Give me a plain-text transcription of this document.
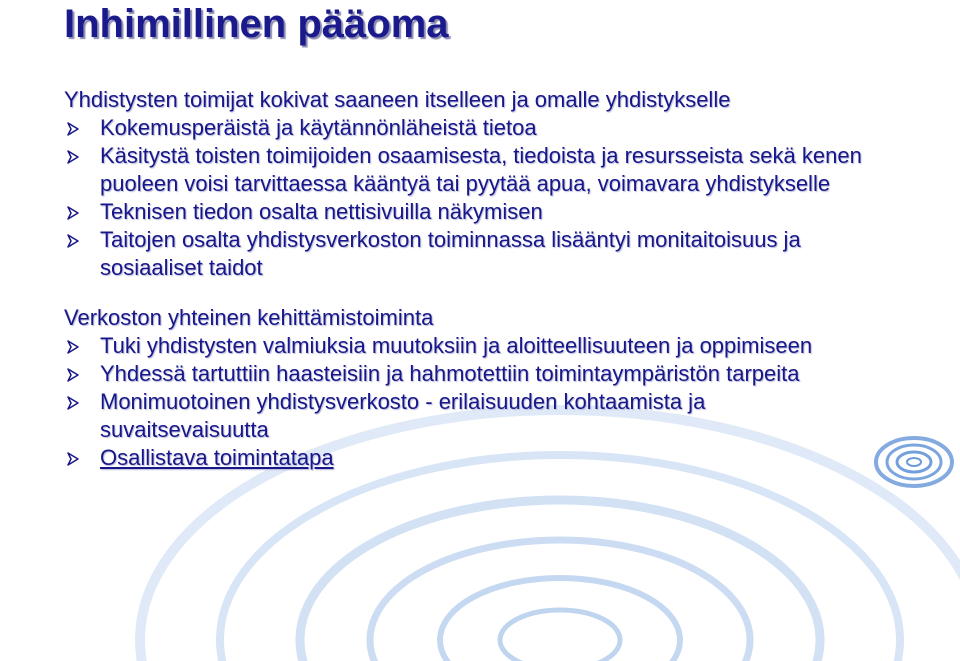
Inhimillinen pääoma

Yhdistysten toimijat kokivat saaneen itselleen ja omalle yhdistykselle

Kokemusperäistä ja käytännönläheistä tietoa
Käsitystä toisten toimijoiden osaamisesta, tiedoista ja resursseista sekä kenen puoleen voisi tarvittaessa kääntyä tai pyytää apua, voimavara yhdistykselle
Teknisen tiedon osalta nettisivuilla näkymisen
Taitojen osalta yhdistysverkoston toiminnassa lisääntyi monitaitoisuus ja sosiaaliset taidot

Verkoston yhteinen kehittämistoiminta

Tuki yhdistysten valmiuksia muutoksiin ja aloitteellisuuteen ja oppimiseen
Yhdessä tartuttiin haasteisiin ja hahmotettiin toimintaympäristön tarpeita
Monimuotoinen yhdistysverkosto - erilaisuuden kohtaamista ja suvaitsevaisuutta
Osallistava toimintatapa
